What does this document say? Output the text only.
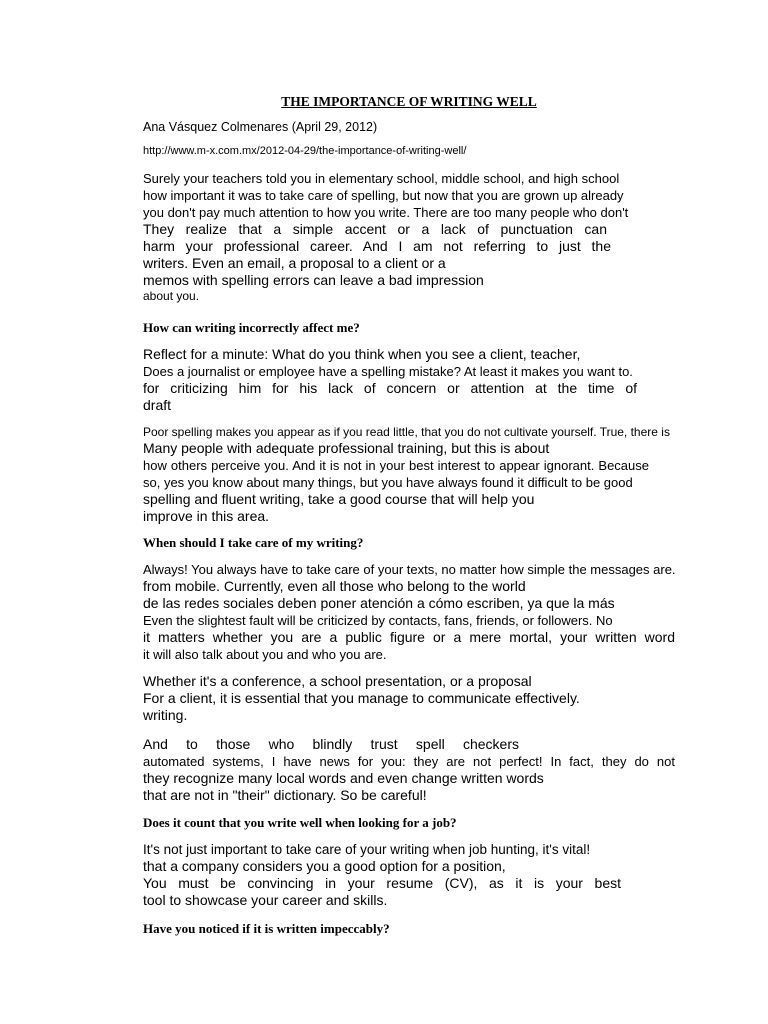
THE IMPORTANCE OF WRITING WELL
Ana Vásquez Colmenares (April 29, 2012)
http://www.m-x.com.mx/2012-04-29/the-importance-of-writing-well/
Surely your teachers told you in elementary school, middle school, and high school
how important it was to take care of spelling, but now that you are grown up already
you don't pay much attention to how you write. There are too many people who don't
They realize that a simple accent or a lack of punctuation can
harm your professional career. And I am not referring to just the
writers. Even an email, a proposal to a client or a
memos with spelling errors can leave a bad impression
about you.
How can writing incorrectly affect me?
Reflect for a minute: What do you think when you see a client, teacher,
Does a journalist or employee have a spelling mistake? At least it makes you want to.
for criticizing him for his lack of concern or attention at the time of
draft
Poor spelling makes you appear as if you read little, that you do not cultivate yourself. True, there is
Many people with adequate professional training, but this is about
how others perceive you. And it is not in your best interest to appear ignorant. Because
so, yes you know about many things, but you have always found it difficult to be good
spelling and fluent writing, take a good course that will help you
improve in this area.
When should I take care of my writing?
Always! You always have to take care of your texts, no matter how simple the messages are.
from mobile. Currently, even all those who belong to the world
de las redes sociales deben poner atención a cómo escriben, ya que la más
Even the slightest fault will be criticized by contacts, fans, friends, or followers. No
it matters whether you are a public figure or a mere mortal, your written word
it will also talk about you and who you are.
Whether it's a conference, a school presentation, or a proposal
For a client, it is essential that you manage to communicate effectively.
writing.
And to those who blindly trust spell checkers
automated systems, I have news for you: they are not perfect! In fact, they do not
they recognize many local words and even change written words
that are not in "their" dictionary. So be careful!
Does it count that you write well when looking for a job?
It's not just important to take care of your writing when job hunting, it's vital!
that a company considers you a good option for a position,
You must be convincing in your resume (CV), as it is your best
tool to showcase your career and skills.
Have you noticed if it is written impeccably?
